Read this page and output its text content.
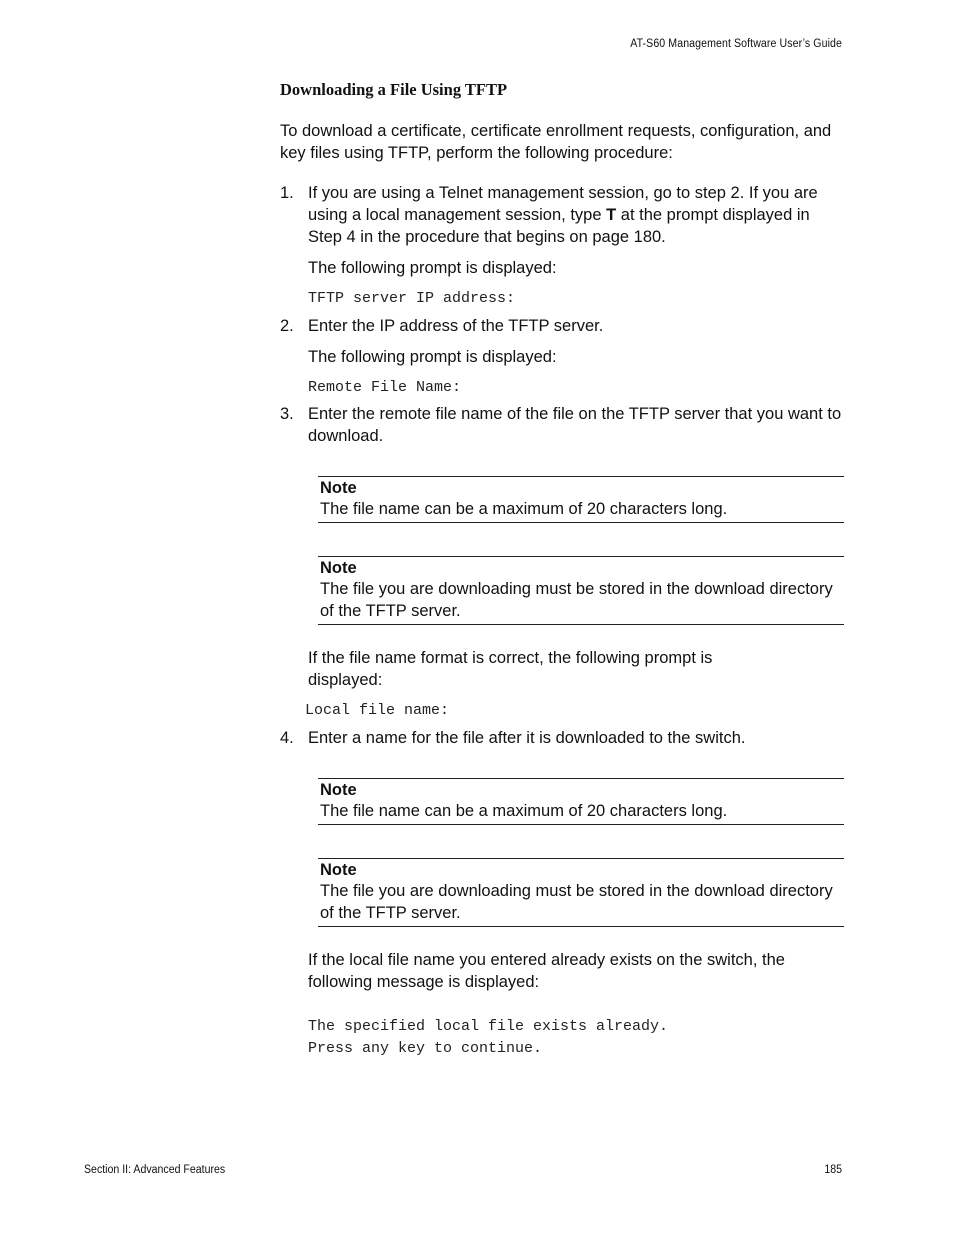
AT-S60 Management Software User’s Guide
Downloading a File Using TFTP
To download a certificate, certificate enrollment requests, configuration, and key files using TFTP, perform the following procedure:
1. If you are using a Telnet management session, go to step 2. If you are using a local management session, type T at the prompt displayed in Step 4 in the procedure that begins on page 180.
The following prompt is displayed:
TFTP server IP address:
2. Enter the IP address of the TFTP server.
The following prompt is displayed:
Remote File Name:
3. Enter the remote file name of the file on the TFTP server that you want to download.
Note
The file name can be a maximum of 20 characters long.
Note
The file you are downloading must be stored in the download directory of the TFTP server.
If the file name format is correct, the following prompt is displayed:
Local file name:
4. Enter a name for the file after it is downloaded to the switch.
Note
The file name can be a maximum of 20 characters long.
Note
The file you are downloading must be stored in the download directory of the TFTP server.
If the local file name you entered already exists on the switch, the following message is displayed:
The specified local file exists already.
Press any key to continue.
Section II: Advanced Features	185
